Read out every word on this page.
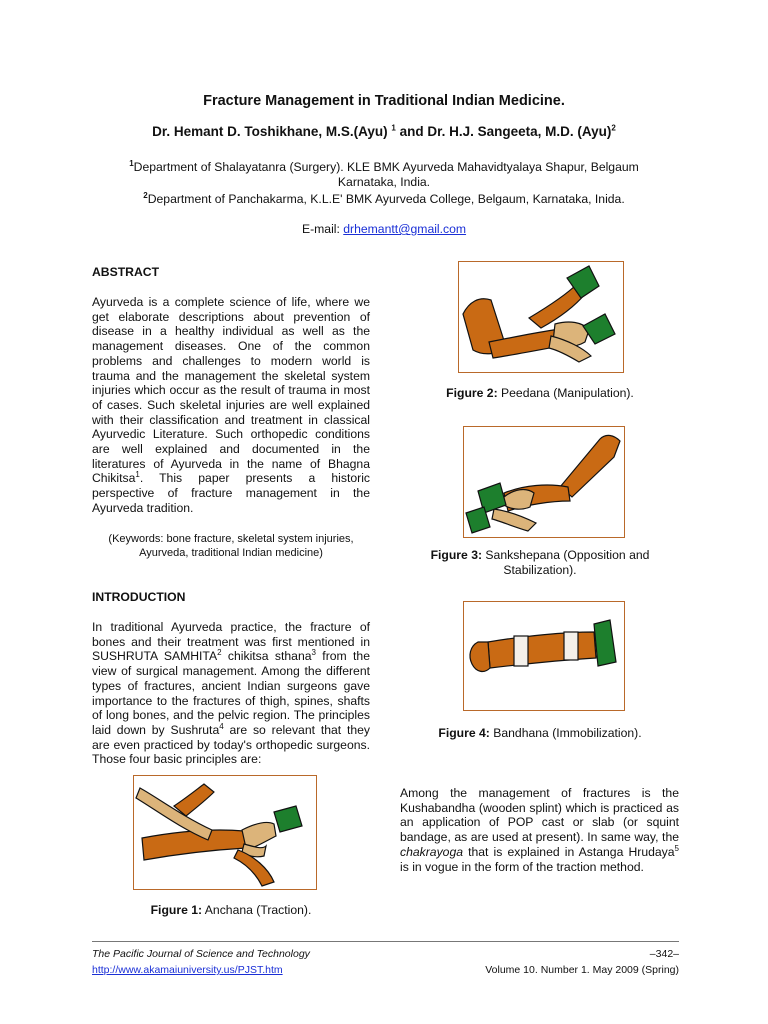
Fracture Management in Traditional Indian Medicine.
Dr. Hemant D. Toshikhane, M.S.(Ayu) $^1$ and Dr. H.J. Sangeeta, M.D. (Ayu)$^2$
$^1$Department of Shalayatanra (Surgery). KLE BMK Ayurveda Mahavidtyalaya Shapur, Belgaum Karnataka, India.
$^2$Department of Panchakarma, K.L.E' BMK Ayurveda College, Belgaum, Karnataka, Inida.
E-mail: drhemantt@gmail.com
ABSTRACT
Ayurveda is a complete science of life, where we get elaborate descriptions about prevention of disease in a healthy individual as well as the management diseases. One of the common problems and challenges to modern world is trauma and the management the skeletal system injuries which occur as the result of trauma in most of cases. Such skeletal injuries are well explained with their classification and treatment in classical Ayurvedic Literature. Such orthopedic conditions are well explained and documented in the literatures of Ayurveda in the name of Bhagna Chikitsa$^1$. This paper presents a historic perspective of fracture management in the Ayurveda tradition.
(Keywords: bone fracture, skeletal system injuries, Ayurveda, traditional Indian medicine)
INTRODUCTION
In traditional Ayurveda practice, the fracture of bones and their treatment was first mentioned in SUSHRUTA SAMHITA$^2$ chikitsa sthana$^3$ from the view of surgical management. Among the different types of fractures, ancient Indian surgeons gave importance to the fractures of thigh, spines, shafts of long bones, and the pelvic region. The principles laid down by Sushruta$^4$ are so relevant that they are even practiced by today's orthopedic surgeons. Those four basic principles are:
Figure 1: Anchana (Traction).
Figure 2: Peedana (Manipulation).
Figure 3: Sankshepana (Opposition and Stabilization).
Figure 4: Bandhana (Immobilization).
Among the management of fractures is the Kushabandha (wooden splint) which is practiced as an application of POP cast or slab (or squint bandage, as are used at present). In same way, the chakrayoga that is explained in Astanga Hrudaya$^5$ is in vogue in the form of the traction method.
The Pacific Journal of Science and Technology
http://www.akamaiuniversity.us/PJST.htm
–342–
Volume 10. Number 1. May 2009 (Spring)
